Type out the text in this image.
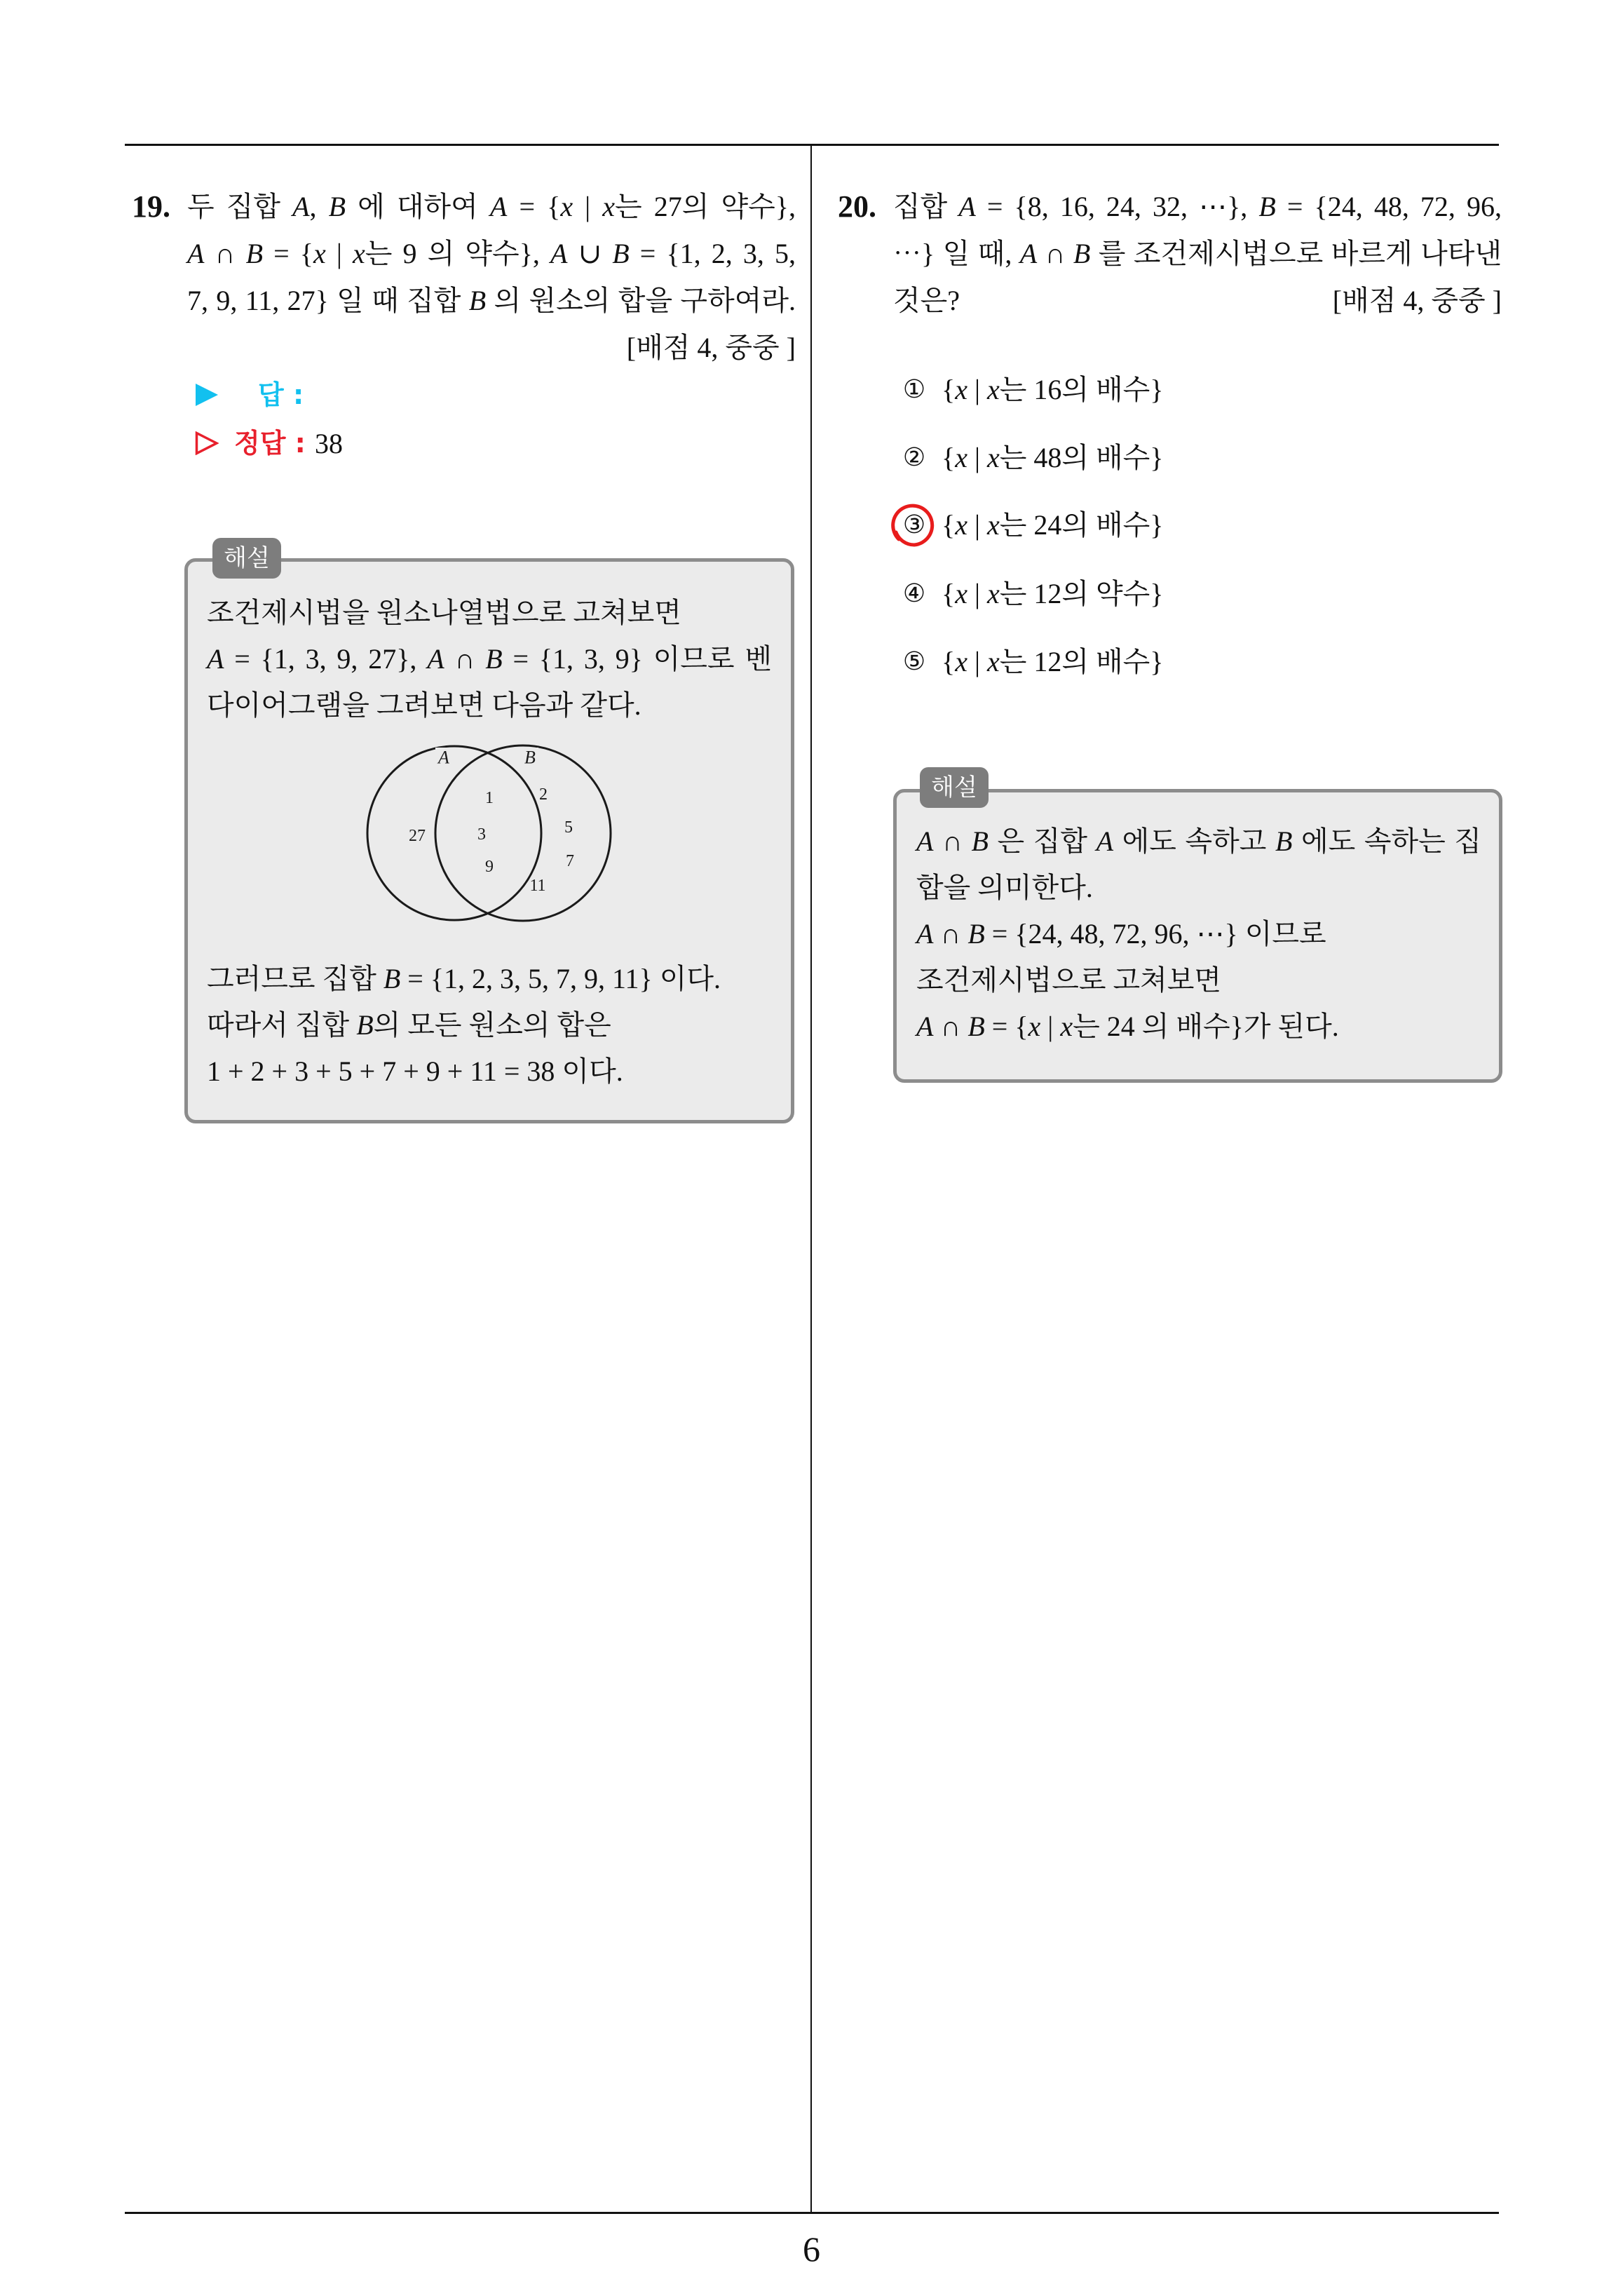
19. 두 집합 A, B 에 대하여 A = {x | x는 27의 약수},
A ∩ B = {x | x는 9 의 약수}, A ∪ B = {1, 2, 3, 5,
7, 9, 11, 27} 일 때 집합 B 의 원소의 합을 구하여라.
[배점 4, 중중 ]
답 :
정답 : 38
조건제시법을 원소나열법으로 고쳐보면
A = {1, 3, 9, 27}, A ∩ B = {1, 3, 9} 이므로 벤
다이어그램을 그려보면 다음과 같다.
A	B
27
1
3
9
2
5
7
11
그러므로 집합 B = {1, 2, 3, 5, 7, 9, 11} 이다.
따라서 집합 B의 모든 원소의 합은
1 + 2 + 3 + 5 + 7 + 9 + 11 = 38 이다.
해설
20. 집합 A = {8, 16, 24, 32, ⋯}, B = {24, 48, 72, 96,
⋯} 일 때, A ∩ B 를 조건제시법으로 바르게 나타낸
것은?	[배점 4, 중중 ]
① {x | x는 16의 배수}
② {x | x는 48의 배수}
③ {x | x는 24의 배수}
④ {x | x는 12의 약수}
⑤ {x | x는 12의 배수}
A ∩ B 은 집합 A 에도 속하고 B 에도 속하는 집
합을 의미한다.
A ∩ B = {24, 48, 72, 96, ⋯} 이므로
조건제시법으로 고쳐보면
A ∩ B = {x | x는 24 의 배수}가 된다.
해설
6
